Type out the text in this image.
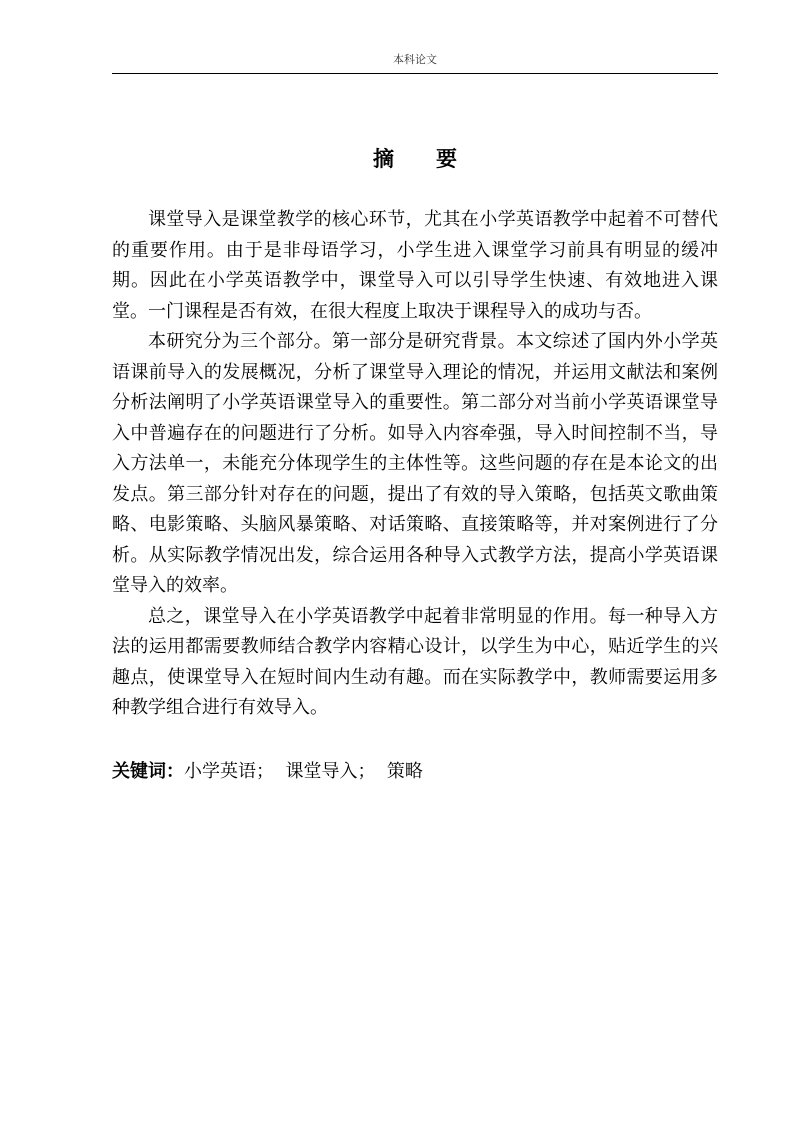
本科论文
摘要

课堂导入是课堂教学的核心环节，尤其在小学英语教学中起着不可替代的重要作用。由于是非母语学习，小学生进入课堂学习前具有明显的缓冲期。因此在小学英语教学中，课堂导入可以引导学生快速、有效地进入课堂。一门课程是否有效，在很大程度上取决于课程导入的成功与否。

本研究分为三个部分。第一部分是研究背景。本文综述了国内外小学英语课前导入的发展概况，分析了课堂导入理论的情况，并运用文献法和案例分析法阐明了小学英语课堂导入的重要性。第二部分对当前小学英语课堂导入中普遍存在的问题进行了分析。如导入内容牵强，导入时间控制不当，导入方法单一，未能充分体现学生的主体性等。这些问题的存在是本论文的出发点。第三部分针对存在的问题，提出了有效的导入策略，包括英文歌曲策略、电影策略、头脑风暴策略、对话策略、直接策略等，并对案例进行了分析。从实际教学情况出发，综合运用各种导入式教学方法，提高小学英语课堂导入的效率。

总之，课堂导入在小学英语教学中起着非常明显的作用。每一种导入方法的运用都需要教师结合教学内容精心设计，以学生为中心，贴近学生的兴趣点，使课堂导入在短时间内生动有趣。而在实际教学中，教师需要运用多种教学组合进行有效导入。

关键词：小学英语； 课堂导入； 策略
